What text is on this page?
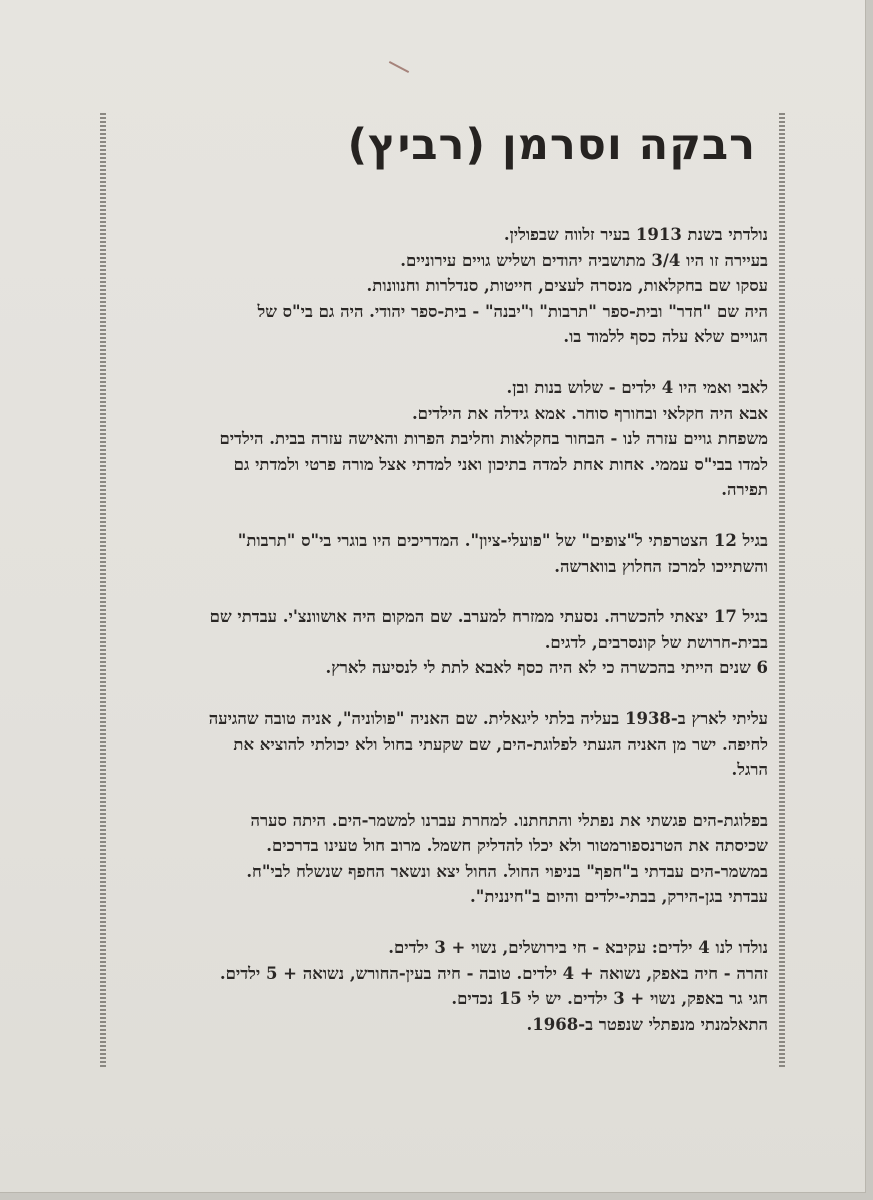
רבקה וסרמן (רביץ)

נולדתי בשנת 1913 בעיר זלווה שבפולין.
בעיירה זו היו 3/4 מתושביה יהודים ושליש גויים עירוניים.
עסקו שם בחקלאות, מנסרה לעצים, חייטות, סנדלרות וחנוונות.
היה שם "חדר" ובית-ספר "תרבות" ו"יבנה" - בית-ספר יהודי. היה גם בי"ס של
הגויים שלא עלה כסף ללמוד בו.

לאבי ואמי היו 4 ילדים - שלוש בנות ובן.
אבא היה חקלאי ובחורף סוחר. אמא גידלה את הילדים.
משפחת גויים עזרה לנו - הבחור בחקלאות וחליבת הפרות והאישה עזרה בבית. הילדים
למדו בבי"ס עממי. אחות אחת למדה בתיכון ואני למדתי אצל מורה פרטי ולמדתי גם
תפירה.

בגיל 12 הצטרפתי ל"צופים" של "פועלי-ציון". המדריכים היו בוגרי בי"ס "תרבות"
והשתייכו למרכז החלוץ בווארשה.

בגיל 17 יצאתי להכשרה. נסעתי ממזרח למערב. שם המקום היה אושוונצ'י. עבדתי שם
בבית-חרושת של קונסרבים, לדגים.
6 שנים הייתי בהכשרה כי לא היה כסף לאבא לתת לי לנסיעה לארץ.

עליתי לארץ ב-1938 בעליה בלתי ליגאלית. שם האניה "פולוניה", אניה טובה שהגיעה
לחיפה. ישר מן האניה הגעתי לפלוגת-הים, שם שקעתי בחול ולא יכולתי להוציא את
הרגל.

בפלוגת-הים פגשתי את נפתלי והתחתנו. למחרת עברנו למשמר-הים. היתה סערה
שכיסתה את הטרנספורמטור ולא יכלו להדליק חשמל. מרוב חול טעינו בדרכים.
במשמר-הים עבדתי ב"חפף" בניפוי החול. החול יצא ונשאר החפף שנשלח לבי"ח.
עבדתי בגן-הירק, בבתי-ילדים והיום ב"חיננית".

נולדו לנו 4 ילדים: עקיבא - חי בירושלים, נשוי + 3 ילדים.
זהרה - חיה באפק, נשואה + 4 ילדים. טובה - חיה בעין-החורש, נשואה + 5 ילדים.
חגי גר באפק, נשוי + 3 ילדים. יש לי 15 נכדים.
התאלמנתי מנפתלי שנפטר ב-1968.
